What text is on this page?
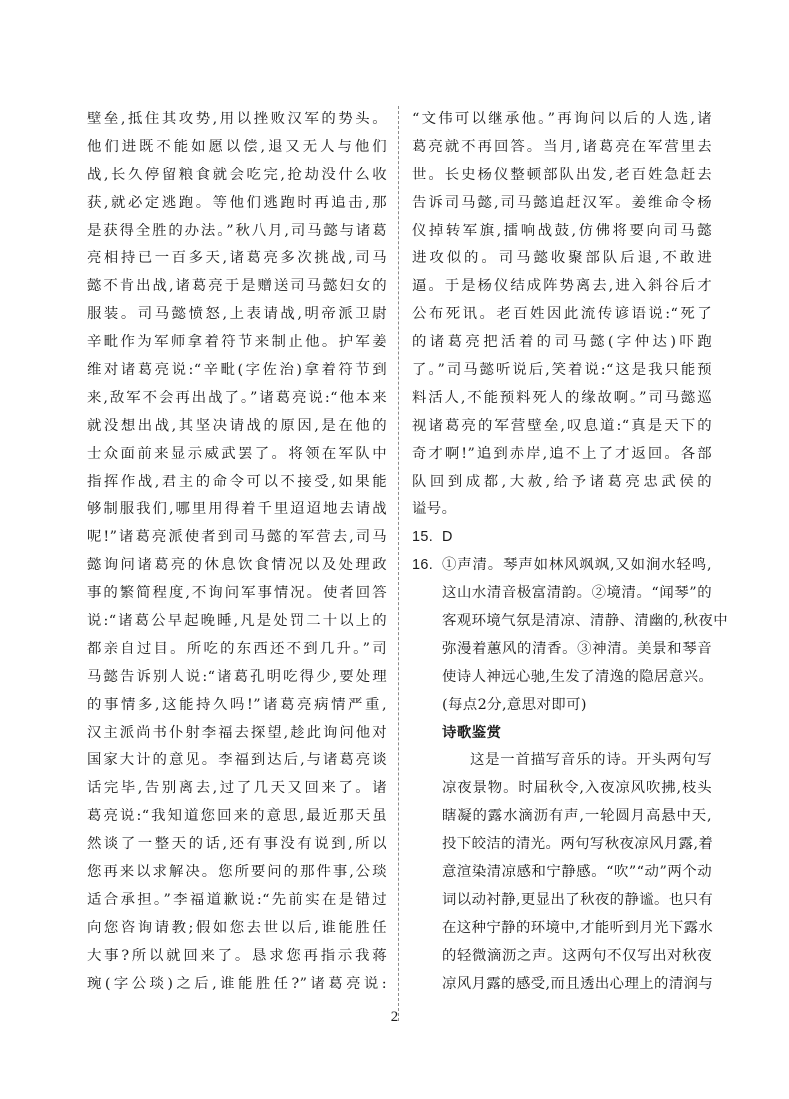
壁垒,抵住其攻势,用以挫败汉军的势头。
他们进既不能如愿以偿,退又无人与他们
战,长久停留粮食就会吃完,抢劫没什么收
获,就必定逃跑。等他们逃跑时再追击,那
是获得全胜的办法。”秋八月,司马懿与诸葛
亮相持已一百多天,诸葛亮多次挑战,司马
懿不肯出战,诸葛亮于是赠送司马懿妇女的
服装。司马懿愤怒,上表请战,明帝派卫尉
辛毗作为军师拿着符节来制止他。护军姜
维对诸葛亮说:“辛毗(字佐治)拿着符节到
来,敌军不会再出战了。”诸葛亮说:“他本来
就没想出战,其坚决请战的原因,是在他的
士众面前来显示威武罢了。将领在军队中
指挥作战,君主的命令可以不接受,如果能
够制服我们,哪里用得着千里迢迢地去请战
呢!”诸葛亮派使者到司马懿的军营去,司马
懿询问诸葛亮的休息饮食情况以及处理政
事的繁简程度,不询问军事情况。使者回答
说:“诸葛公早起晚睡,凡是处罚二十以上的
都亲自过目。所吃的东西还不到几升。”司
马懿告诉别人说:“诸葛孔明吃得少,要处理
的事情多,这能持久吗!”诸葛亮病情严重,
汉主派尚书仆射李福去探望,趁此询问他对
国家大计的意见。李福到达后,与诸葛亮谈
话完毕,告别离去,过了几天又回来了。诸
葛亮说:“我知道您回来的意思,最近那天虽
然谈了一整天的话,还有事没有说到,所以
您再来以求解决。您所要问的那件事,公琰
适合承担。”李福道歉说:“先前实在是错过
向您咨询请教;假如您去世以后,谁能胜任
大事?所以就回来了。恳求您再指示我蒋
琬(字公琰)之后,谁能胜任?”诸葛亮说:
“文伟可以继承他。”再询问以后的人选,诸
葛亮就不再回答。当月,诸葛亮在军营里去
世。长史杨仪整顿部队出发,老百姓急赶去
告诉司马懿,司马懿追赶汉军。姜维命令杨
仪掉转军旗,擂响战鼓,仿佛将要向司马懿
进攻似的。司马懿收聚部队后退,不敢进
逼。于是杨仪结成阵势离去,进入斜谷后才
公布死讯。老百姓因此流传谚语说:“死了
的诸葛亮把活着的司马懿(字仲达)吓跑
了。”司马懿听说后,笑着说:“这是我只能预
料活人,不能预料死人的缘故啊。”司马懿巡
视诸葛亮的军营壁垒,叹息道:“真是天下的
奇才啊!”追到赤岸,追不上了才返回。各部
队回到成都,大赦,给予诸葛亮忠武侯的
谥号。
15. D
16. ①声清。琴声如林风飒飒,又如涧水轻鸣,
这山水清音极富清韵。②境清。“闻琴”的
客观环境气氛是清凉、清静、清幽的,秋夜中
弥漫着蕙风的清香。③神清。美景和琴音
使诗人神远心驰,生发了清逸的隐居意兴。
(每点2分,意思对即可)
诗歌鉴赏
这是一首描写音乐的诗。开头两句写
凉夜景物。时届秋令,入夜凉风吹拂,枝头
瞎凝的露水滴沥有声,一轮圆月高悬中天,
投下皎洁的清光。两句写秋夜凉风月露,着
意渲染清凉感和宁静感。“吹”“动”两个动
词以动衬静,更显出了秋夜的静谧。也只有
在这种宁静的环境中,才能听到月光下露水
的轻微滴沥之声。这两句不仅写出对秋夜
凉风月露的感受,而且透出心理上的清润与
2
